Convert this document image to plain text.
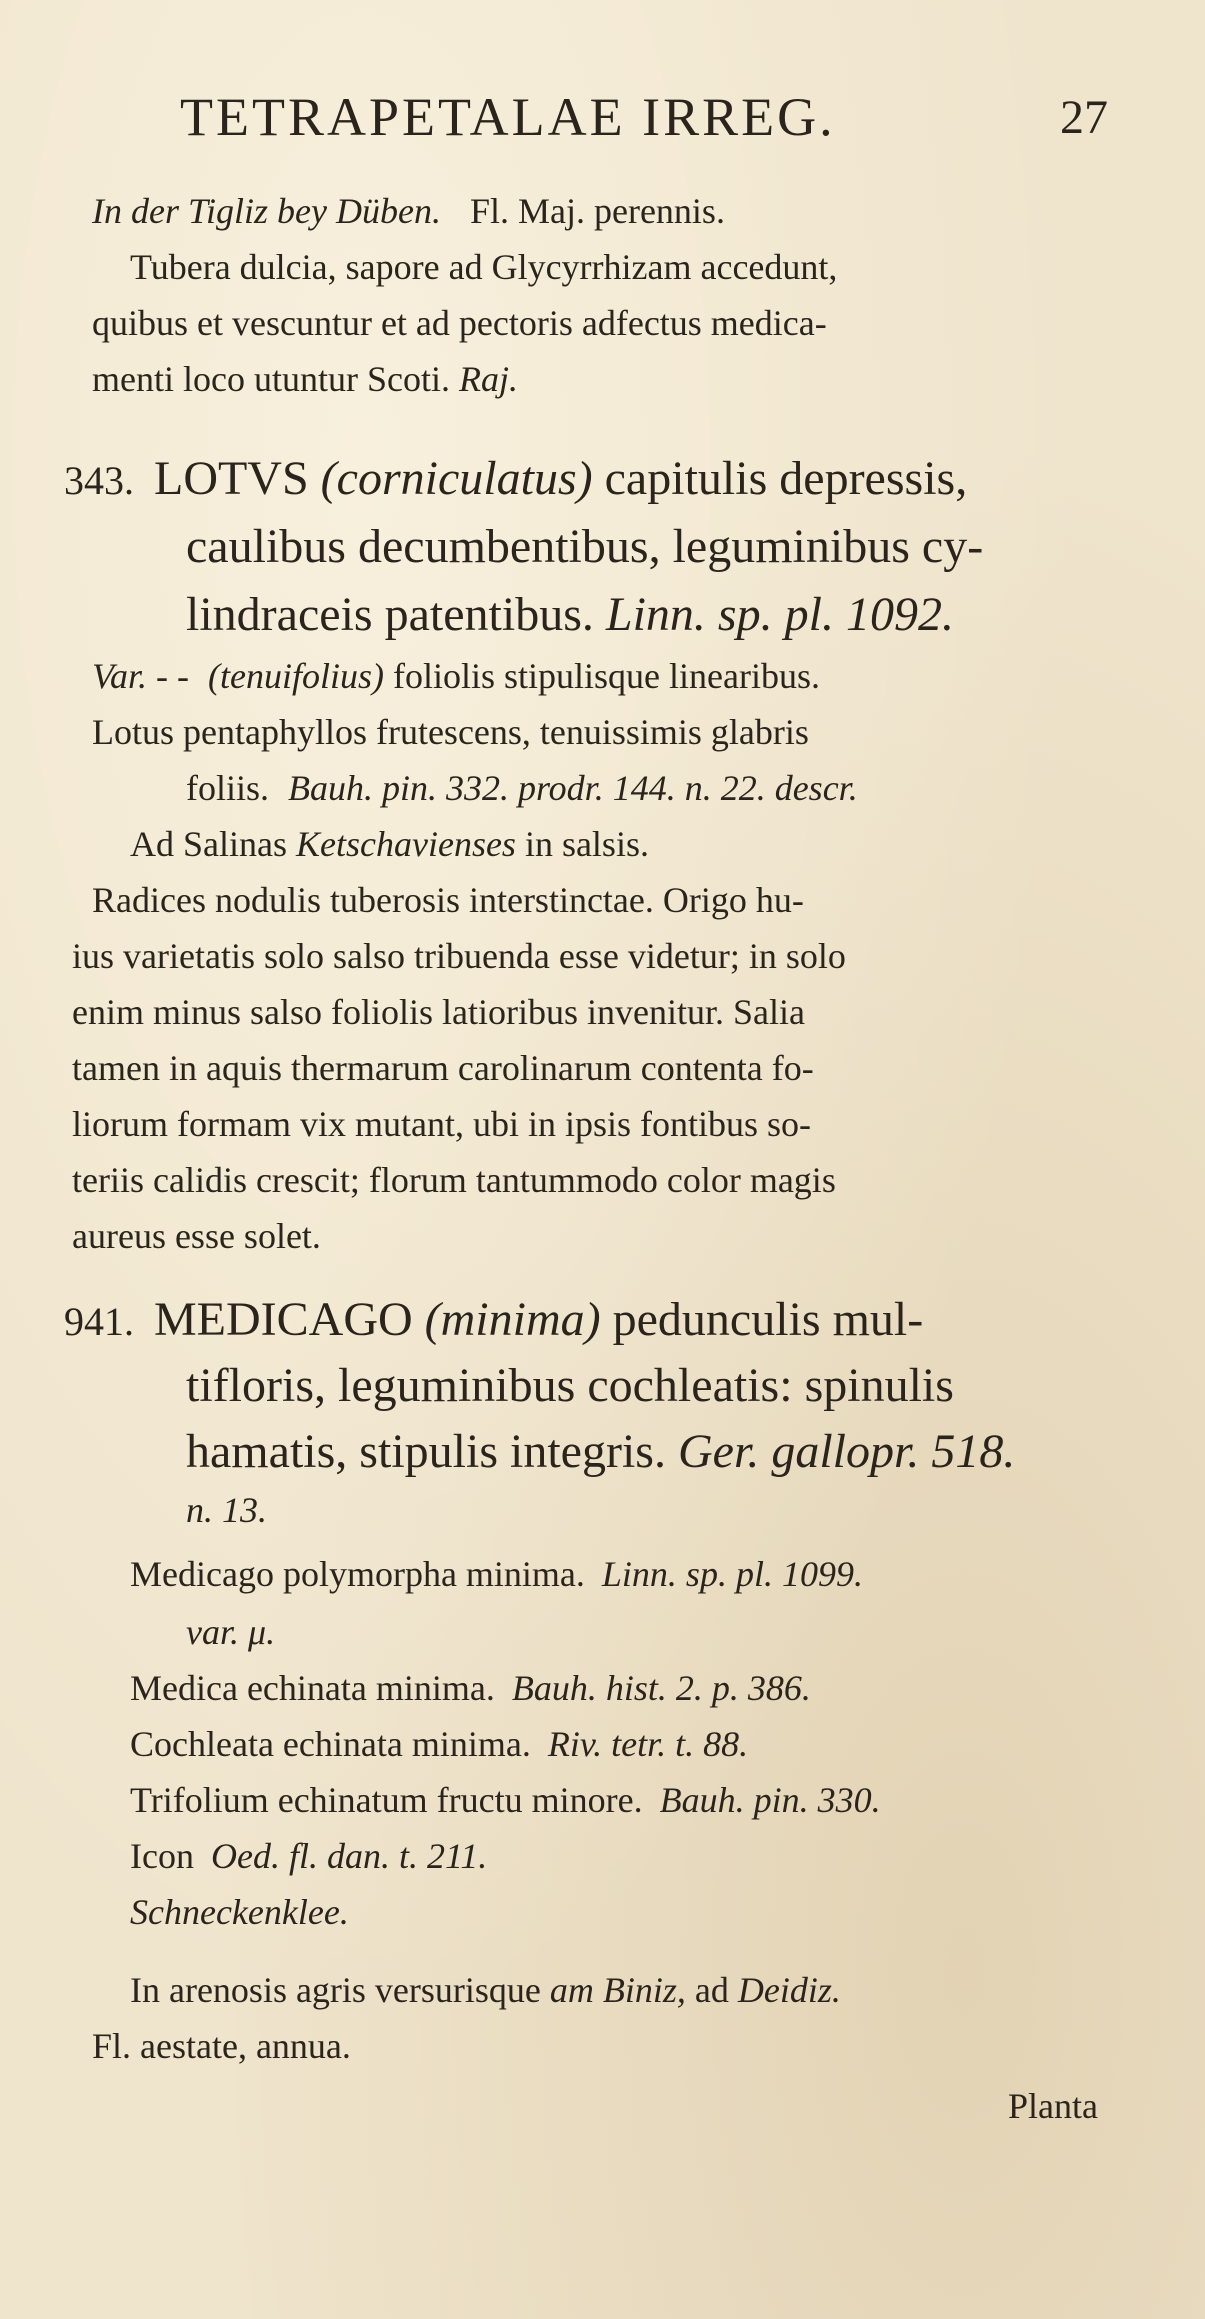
TETRAPETALAE IRREG.	27
In der Tigliz bey Düben. Fl. Maj. perennis.
Tubera dulcia, sapore ad Glycyrrhizam accedunt,
quibus et vescuntur et ad pectoris adfectus medica-
menti loco utuntur Scoti. Raj.
343. LOTVS (corniculatus) capitulis depressis,
caulibus decumbentibus, leguminibus cy-
lindraceis patentibus. Linn. sp. pl. 1092.
Var. - - (tenuifolius) foliolis stipulisque linearibus.
Lotus pentaphyllos frutescens, tenuissimis glabris
foliis. Bauh. pin. 332. prodr. 144. n. 22. descr.
Ad Salinas Ketschavienses in salsis.
Radices nodulis tuberosis interstinctae. Origo hu-
ius varietatis solo salso tribuenda esse videtur; in solo
enim minus salso foliolis latioribus invenitur. Salia
tamen in aquis thermarum carolinarum contenta fo-
liorum formam vix mutant, ubi in ipsis fontibus so-
teriis calidis crescit; florum tantummodo color magis
aureus esse solet.
941. MEDICAGO (minima) pedunculis mul-
tifloris, leguminibus cochleatis: spinulis
hamatis, stipulis integris. Ger. gallopr. 518.
n. 13.
Medicago polymorpha minima. Linn. sp. pl. 1099.
var. μ.
Medica echinata minima. Bauh. hist. 2. p. 386.
Cochleata echinata minima. Riv. tetr. t. 88.
Trifolium echinatum fructu minore. Bauh. pin. 330.
Icon Oed. fl. dan. t. 211.
Schneckenklee.
In arenosis agris versurisque am Biniz, ad Deidiz.
Fl. aestate, annua.
Planta
